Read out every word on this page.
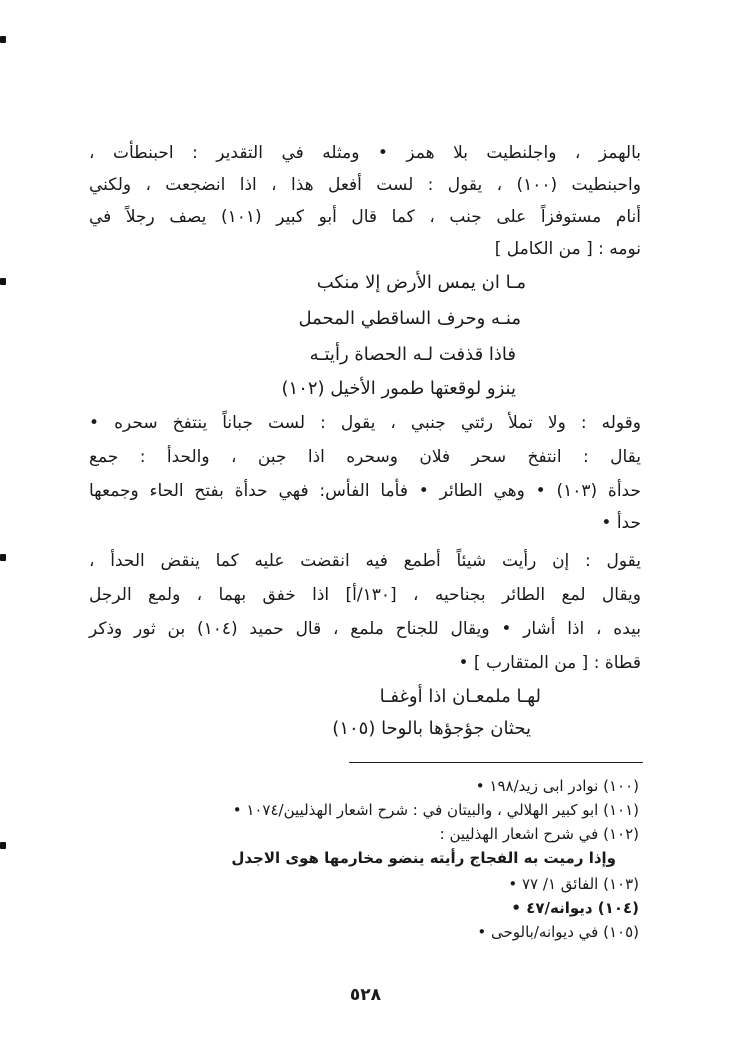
بالهمز ، واجلنطيت بلا همز • ومثله في التقدير : احبنطأت ،
واحبنطيت (١٠٠) ، يقول : لست أفعل هذا ، اذا انضجعت ، ولكني
أنام مستوفزاً على جنب ، كما قال أبو كبير (١٠١) يصف رجلاً في
نومه : [ من الكامل ]
مـا ان يمس الأرض إلا منكب
منـه وحرف الساقطي المحمل
فاذا قذفت لـه الحصاة رأيتـه
ينزو لوقعتها طمور الأخيل (١٠٢)
وقوله : ولا تملأ رئتي جنبي ، يقول : لست جباناً ينتفخ سحره •
يقال : انتفخ سحر فلان وسحره اذا جبن ، والحدأ : جمع
حدأة (١٠٣) • وهي الطائر • فأما الفأس: فهي حدأة بفتح الحاء وجمعها
حدأ •
يقول : إن رأيت شيئاً أطمع فيه انقضت عليه كما ينقض الحدأ ،
ويقال لمع الطائر بجناحيه ، [١٣٠/أ] اذا خفق بهما ، ولمع الرجل
بيده ، اذا أشار • ويقال للجناح ملمع ، قال حميد (١٠٤) بن ثور وذكر
قطاة : [ من المتقارب ] •
لهـا ملمعـان اذا أوغفـا
يحثان جؤجؤها بالوحا (١٠٥)
(١٠٠) نوادر ابى زيد/١٩٨ •
(١٠١) ابو كبير الهلالي ، والبيتان في : شرح اشعار الهذليين/١٠٧٤ •
(١٠٢) في شرح اشعار الهذليين :
وإذا رميت به الفجاج رأيته ينضو مخارمها هوى الاجدل
(١٠٣) الفائق ١/ ٧٧ •
(١٠٤) ديوانه/٤٧ •
(١٠٥) في ديوانه/بالوحى •
٥٢٨
